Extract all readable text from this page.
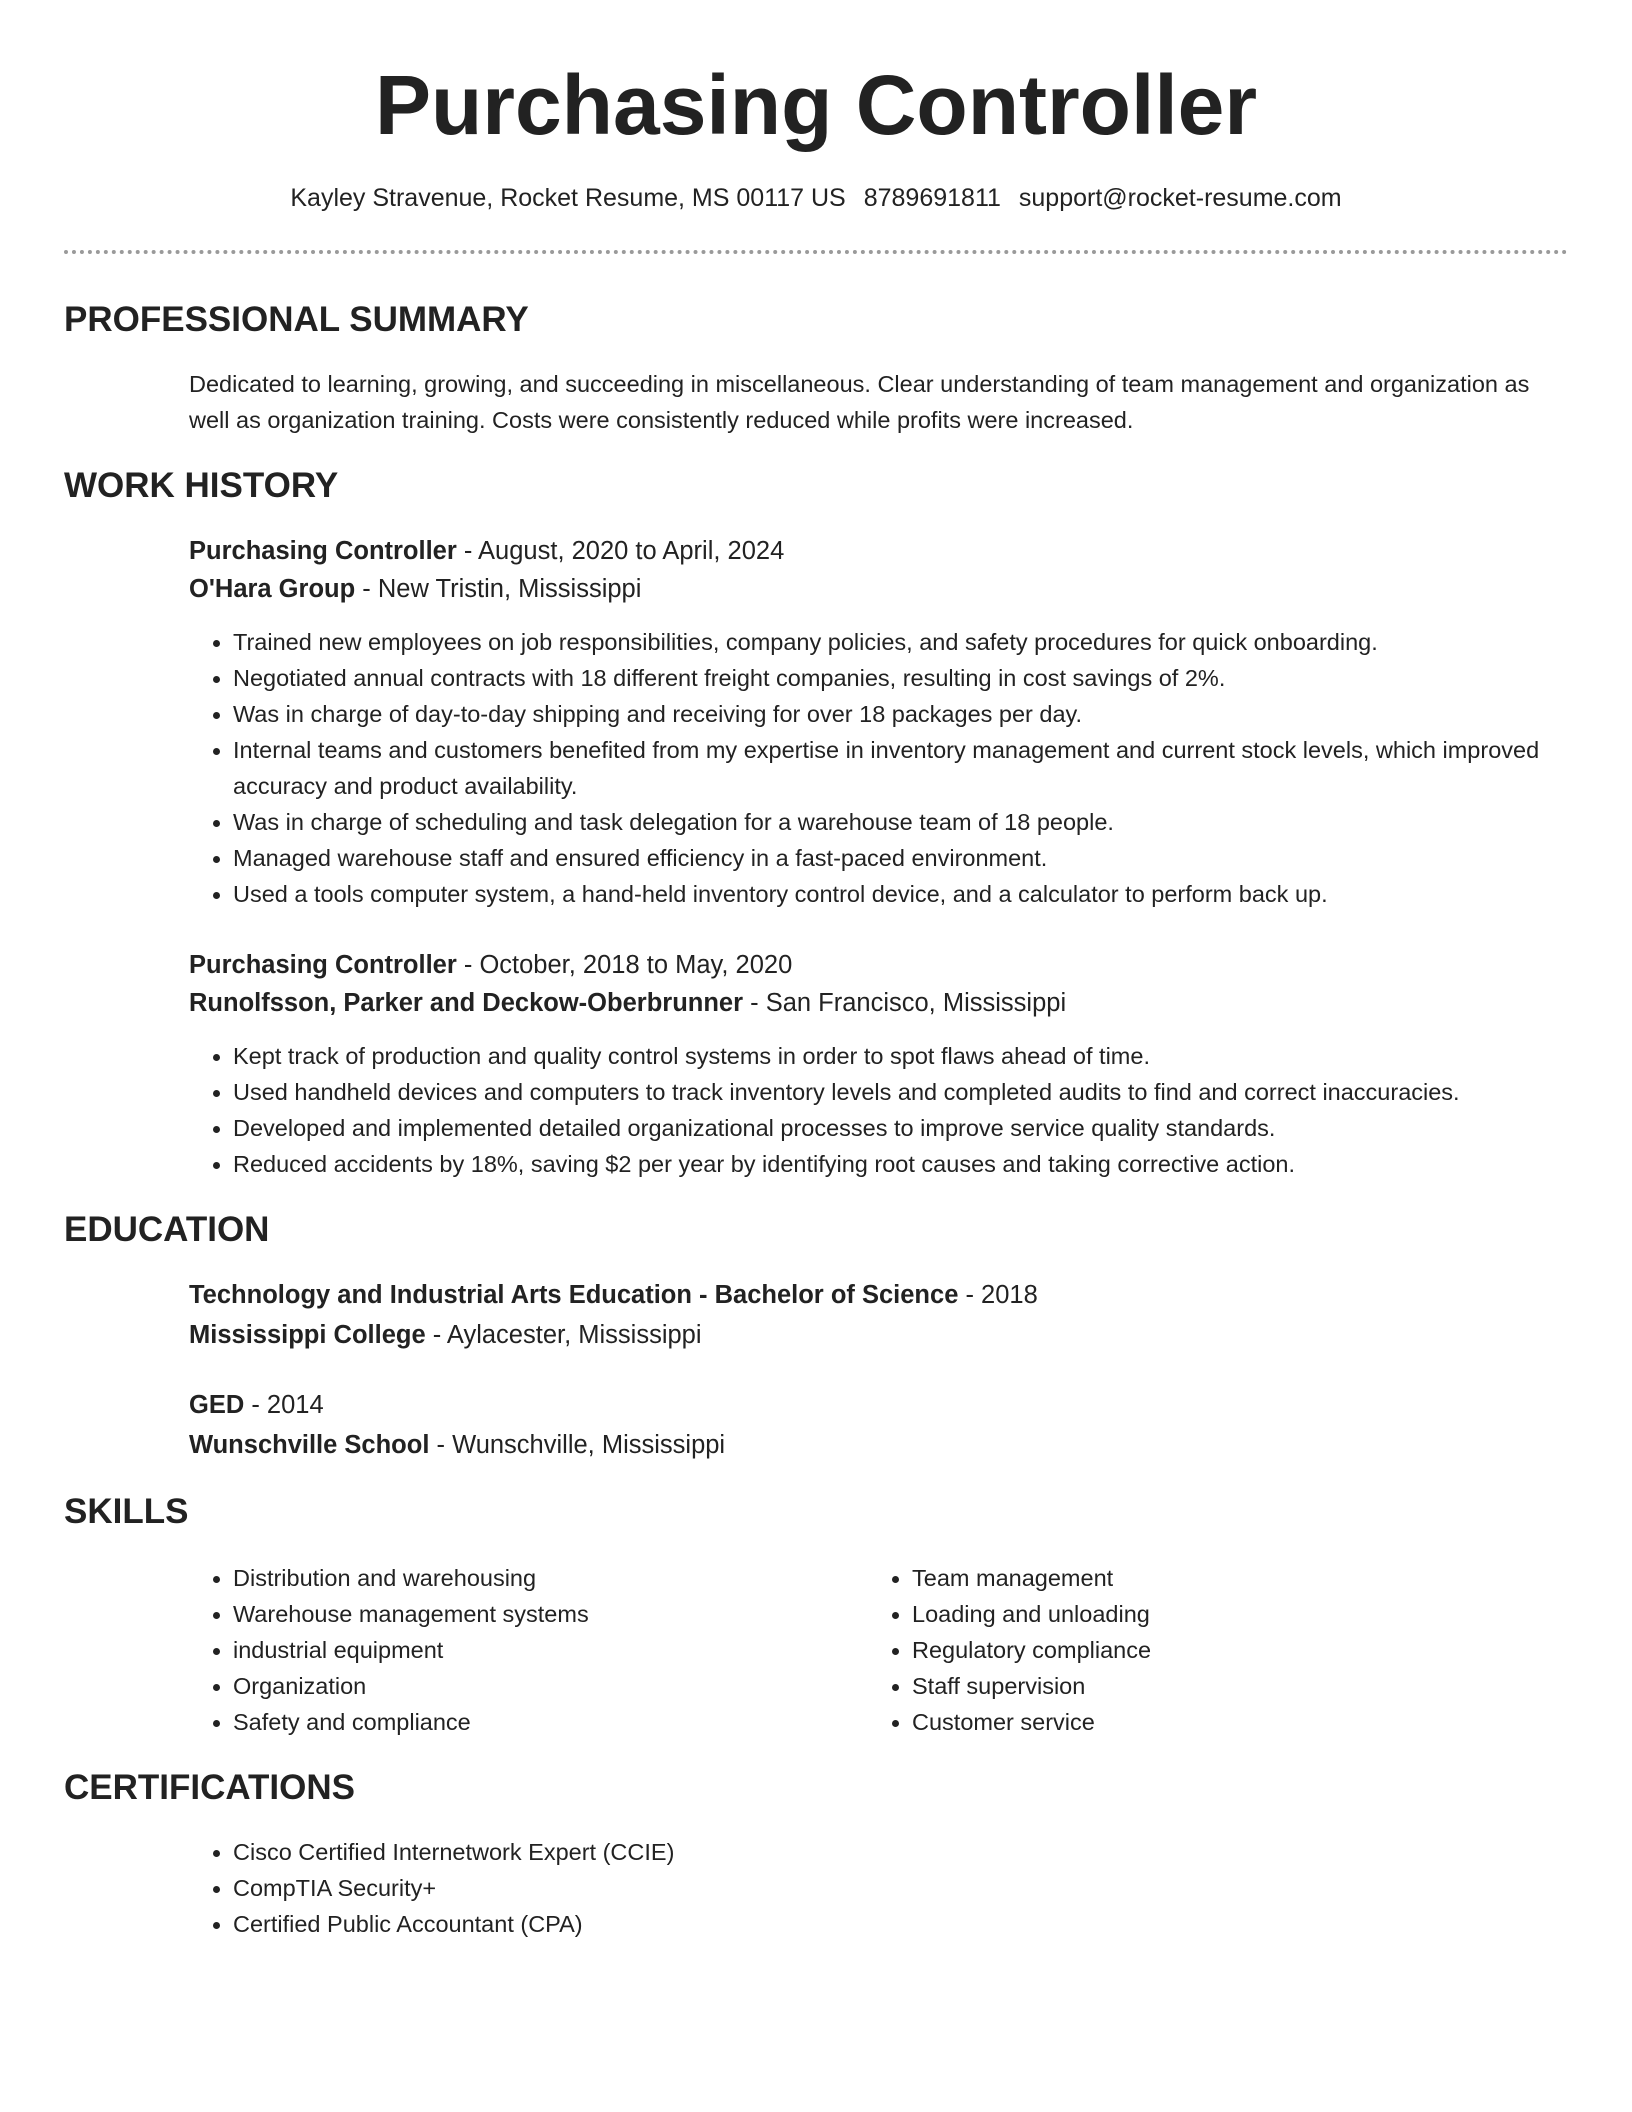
Purchasing Controller
Kayley Stravenue, Rocket Resume, MS 00117 US 8789691811 support@rocket-resume.com
PROFESSIONAL SUMMARY
Dedicated to learning, growing, and succeeding in miscellaneous. Clear understanding of team management and organization as well as organization training. Costs were consistently reduced while profits were increased.
WORK HISTORY
Purchasing Controller - August, 2020 to April, 2024
O'Hara Group - New Tristin, Mississippi
• Trained new employees on job responsibilities, company policies, and safety procedures for quick onboarding.
• Negotiated annual contracts with 18 different freight companies, resulting in cost savings of 2%.
• Was in charge of day-to-day shipping and receiving for over 18 packages per day.
• Internal teams and customers benefited from my expertise in inventory management and current stock levels, which improved accuracy and product availability.
• Was in charge of scheduling and task delegation for a warehouse team of 18 people.
• Managed warehouse staff and ensured efficiency in a fast-paced environment.
• Used a tools computer system, a hand-held inventory control device, and a calculator to perform back up.
Purchasing Controller - October, 2018 to May, 2020
Runolfsson, Parker and Deckow-Oberbrunner - San Francisco, Mississippi
• Kept track of production and quality control systems in order to spot flaws ahead of time.
• Used handheld devices and computers to track inventory levels and completed audits to find and correct inaccuracies.
• Developed and implemented detailed organizational processes to improve service quality standards.
• Reduced accidents by 18%, saving $2 per year by identifying root causes and taking corrective action.
EDUCATION
Technology and Industrial Arts Education - Bachelor of Science - 2018
Mississippi College - Aylacester, Mississippi
GED - 2014
Wunschville School - Wunschville, Mississippi
SKILLS
• Distribution and warehousing
• Warehouse management systems
• industrial equipment
• Organization
• Safety and compliance
• Team management
• Loading and unloading
• Regulatory compliance
• Staff supervision
• Customer service
CERTIFICATIONS
• Cisco Certified Internetwork Expert (CCIE)
• CompTIA Security+
• Certified Public Accountant (CPA)
